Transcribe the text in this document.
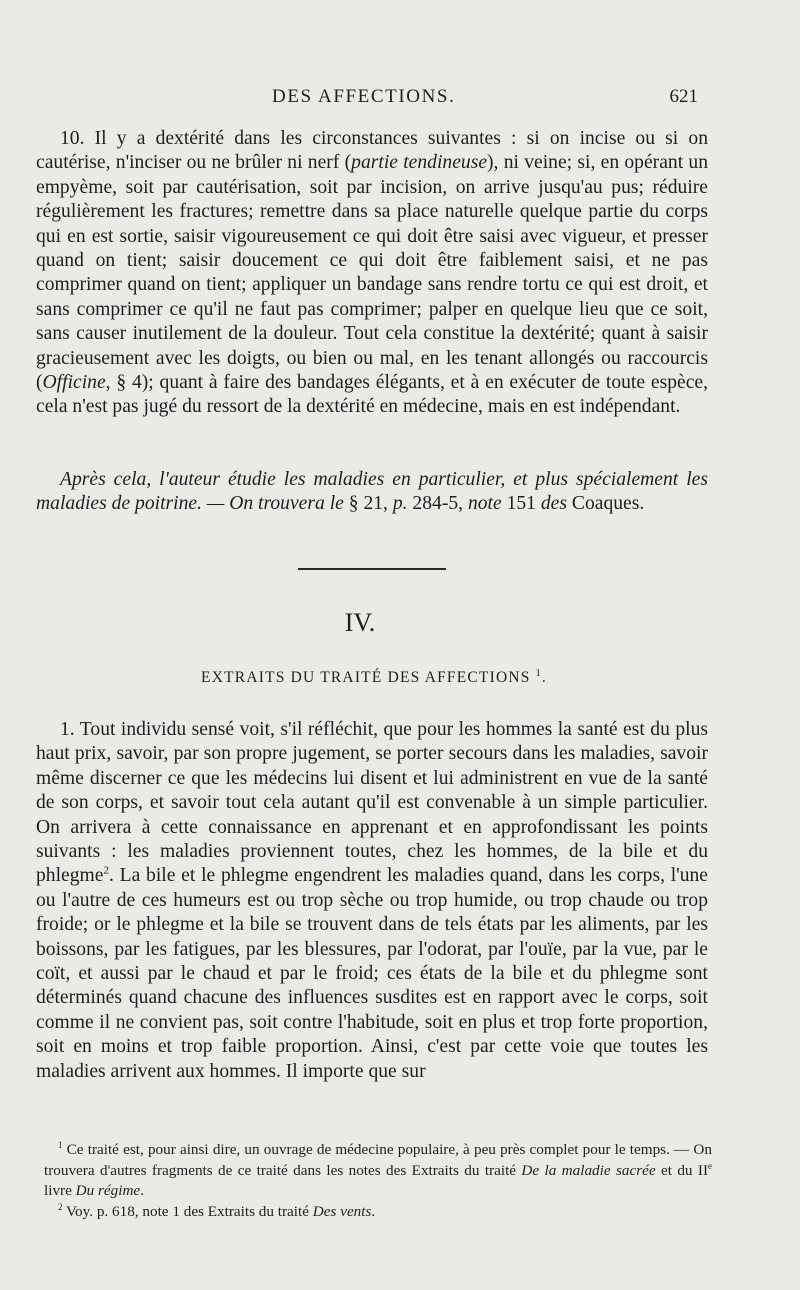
DES AFFECTIONS.	621

10. Il y a dextérité dans les circonstances suivantes : si on incise ou si on cautérise, n'inciser ou ne brûler ni nerf (partie tendineuse), ni veine; si, en opérant un empyème, soit par cautérisation, soit par incision, on arrive jusqu'au pus; réduire régulièrement les fractures; remettre dans sa place naturelle quelque partie du corps qui en est sortie, saisir vigoureusement ce qui doit être saisi avec vigueur, et presser quand on tient; saisir doucement ce qui doit être faiblement saisi, et ne pas comprimer quand on tient; appliquer un bandage sans rendre tortu ce qui est droit, et sans comprimer ce qu'il ne faut pas comprimer; palper en quelque lieu que ce soit, sans causer inutilement de la douleur. Tout cela constitue la dextérité; quant à saisir gracieusement avec les doigts, ou bien ou mal, en les tenant allongés ou raccourcis (Officine, § 4); quant à faire des bandages élégants, et à en exécuter de toute espèce, cela n'est pas jugé du ressort de la dextérité en médecine, mais en est indépendant.

Après cela, l'auteur étudie les maladies en particulier, et plus spécialement les maladies de poitrine. — On trouvera le § 21, p. 284-5, note 151 des Coaques.

IV.
EXTRAITS DU TRAITÉ DES AFFECTIONS $^1$.

1. Tout individu sensé voit, s'il réfléchit, que pour les hommes la santé est du plus haut prix, savoir, par son propre jugement, se porter secours dans les maladies, savoir même discerner ce que les médecins lui disent et lui administrent en vue de la santé de son corps, et savoir tout cela autant qu'il est convenable à un simple particulier. On arrivera à cette connaissance en apprenant et en approfondissant les points suivants : les maladies proviennent toutes, chez les hommes, de la bile et du phlegme$^2$. La bile et le phlegme engendrent les maladies quand, dans les corps, l'une ou l'autre de ces humeurs est ou trop sèche ou trop humide, ou trop chaude ou trop froide; or le phlegme et la bile se trouvent dans de tels états par les aliments, par les boissons, par les fatigues, par les blessures, par l'odorat, par l'ouïe, par la vue, par le coït, et aussi par le chaud et par le froid; ces états de la bile et du phlegme sont déterminés quand chacune des influences susdites est en rapport avec le corps, soit comme il ne convient pas, soit contre l'habitude, soit en plus et trop forte proportion, soit en moins et trop faible proportion. Ainsi, c'est par cette voie que toutes les maladies arrivent aux hommes. Il importe que sur

$^1$ Ce traité est, pour ainsi dire, un ouvrage de médecine populaire, à peu près complet pour le temps. — On trouvera d'autres fragments de ce traité dans les notes des Extraits du traité De la maladie sacrée et du IIe livre Du régime.

$^2$ Voy. p. 618, note 1 des Extraits du traité Des vents.
